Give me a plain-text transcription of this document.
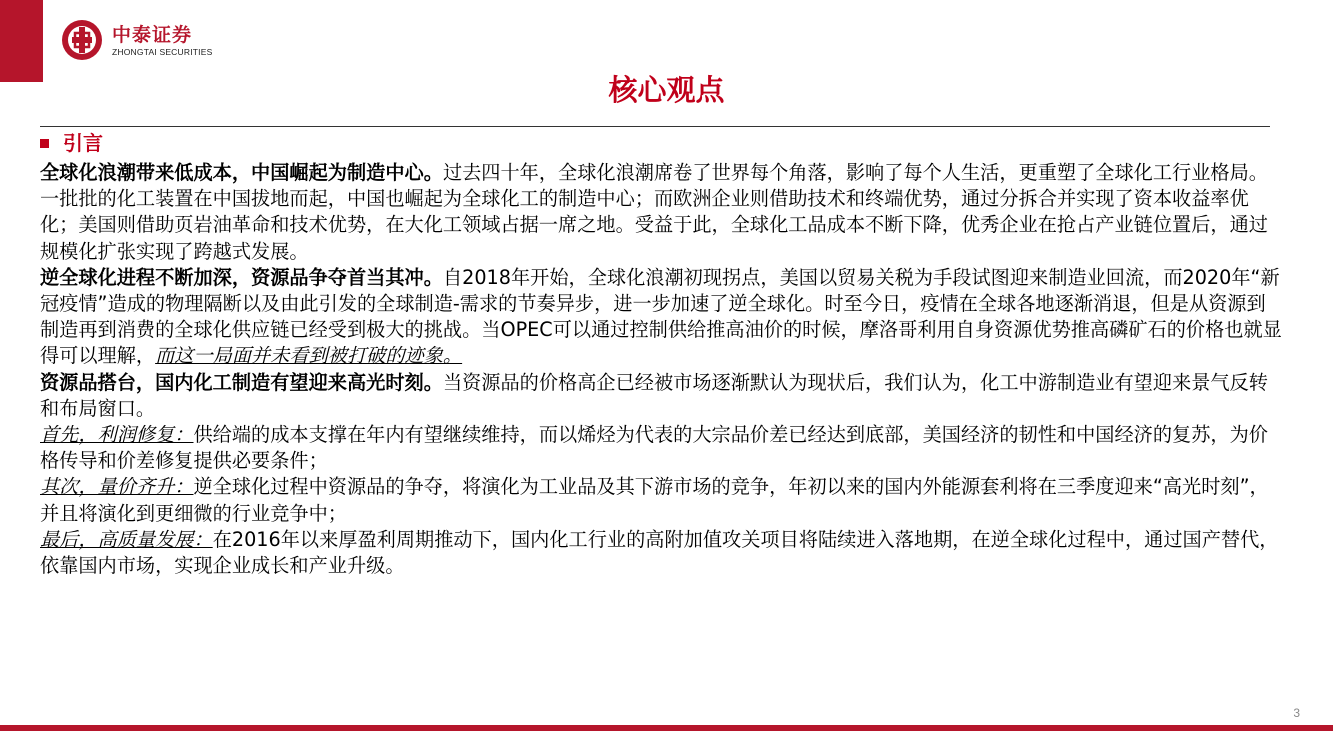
中泰证券
ZHONGTAI SECURITIES
核心观点
引言

全球化浪潮带来低成本，中国崛起为制造中心。过去四十年，全球化浪潮席卷了世界每个角落，影响了每个人生活，更重塑了全球化工行业格局。一批批的化工装置在中国拔地而起，中国也崛起为全球化工的制造中心；而欧洲企业则借助技术和终端优势，通过分拆合并实现了资本收益率优化；美国则借助页岩油革命和技术优势，在大化工领域占据一席之地。受益于此，全球化工品成本不断下降，优秀企业在抢占产业链位置后，通过规模化扩张实现了跨越式发展。

逆全球化进程不断加深，资源品争夺首当其冲。自2018年开始，全球化浪潮初现拐点，美国以贸易关税为手段试图迎来制造业回流，而2020年“新冠疫情”造成的物理隔断以及由此引发的全球制造-需求的节奏异步，进一步加速了逆全球化。时至今日，疫情在全球各地逐渐消退，但是从资源到制造再到消费的全球化供应链已经受到极大的挑战。当OPEC可以通过控制供给推高油价的时候，摩洛哥利用自身资源优势推高磷矿石的价格也就显得可以理解，而这一局面并未看到被打破的迹象。

资源品搭台，国内化工制造有望迎来高光时刻。当资源品的价格高企已经被市场逐渐默认为现状后，我们认为，化工中游制造业有望迎来景气反转和布局窗口。

首先，利润修复：供给端的成本支撑在年内有望继续维持，而以烯烃为代表的大宗品价差已经达到底部，美国经济的韧性和中国经济的复苏，为价格传导和价差修复提供必要条件；

其次，量价齐升：逆全球化过程中资源品的争夺，将演化为工业品及其下游市场的竞争，年初以来的国内外能源套利将在三季度迎来“高光时刻”，并且将演化到更细微的行业竞争中；

最后，高质量发展：在2016年以来厚盈利周期推动下，国内化工行业的高附加值攻关项目将陆续进入落地期，在逆全球化过程中，通过国产替代，依靠国内市场，实现企业成长和产业升级。

3
